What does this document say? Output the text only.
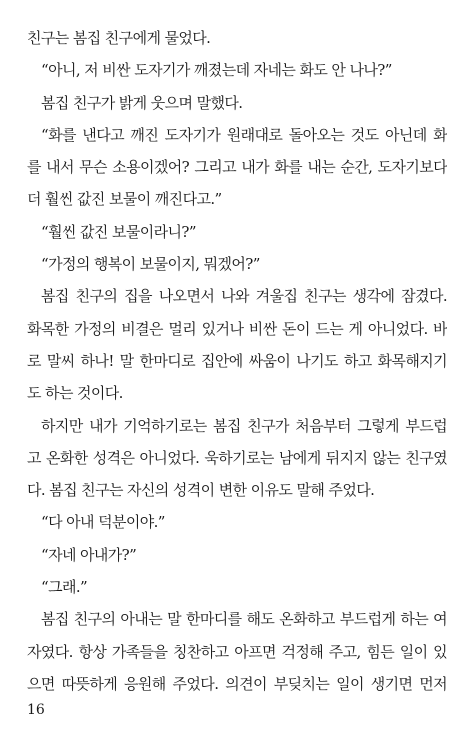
친구는 봄집 친구에게 물었다.
“아니, 저 비싼 도자기가 깨졌는데 자네는 화도 안 나나?”
봄집 친구가 밝게 웃으며 말했다.
“화를 낸다고 깨진 도자기가 원래대로 돌아오는 것도 아닌데 화
를 내서 무슨 소용이겠어? 그리고 내가 화를 내는 순간, 도자기보다
더 훨씬 값진 보물이 깨진다고.”
“훨씬 값진 보물이라니?”
“가정의 행복이 보물이지, 뭐겠어?”
봄집 친구의 집을 나오면서 나와 겨울집 친구는 생각에 잠겼다.
화목한 가정의 비결은 멀리 있거나 비싼 돈이 드는 게 아니었다. 바
로 말씨 하나! 말 한마디로 집안에 싸움이 나기도 하고 화목해지기
도 하는 것이다.
하지만 내가 기억하기로는 봄집 친구가 처음부터 그렇게 부드럽
고 온화한 성격은 아니었다. 욱하기로는 남에게 뒤지지 않는 친구였
다. 봄집 친구는 자신의 성격이 변한 이유도 말해 주었다.
“다 아내 덕분이야.”
“자네 아내가?”
“그래.”
봄집 친구의 아내는 말 한마디를 해도 온화하고 부드럽게 하는 여
자였다. 항상 가족들을 칭찬하고 아프면 걱정해 주고, 힘든 일이 있
으면 따뜻하게 응원해 주었다. 의견이 부딪치는 일이 생기면 먼저
16
